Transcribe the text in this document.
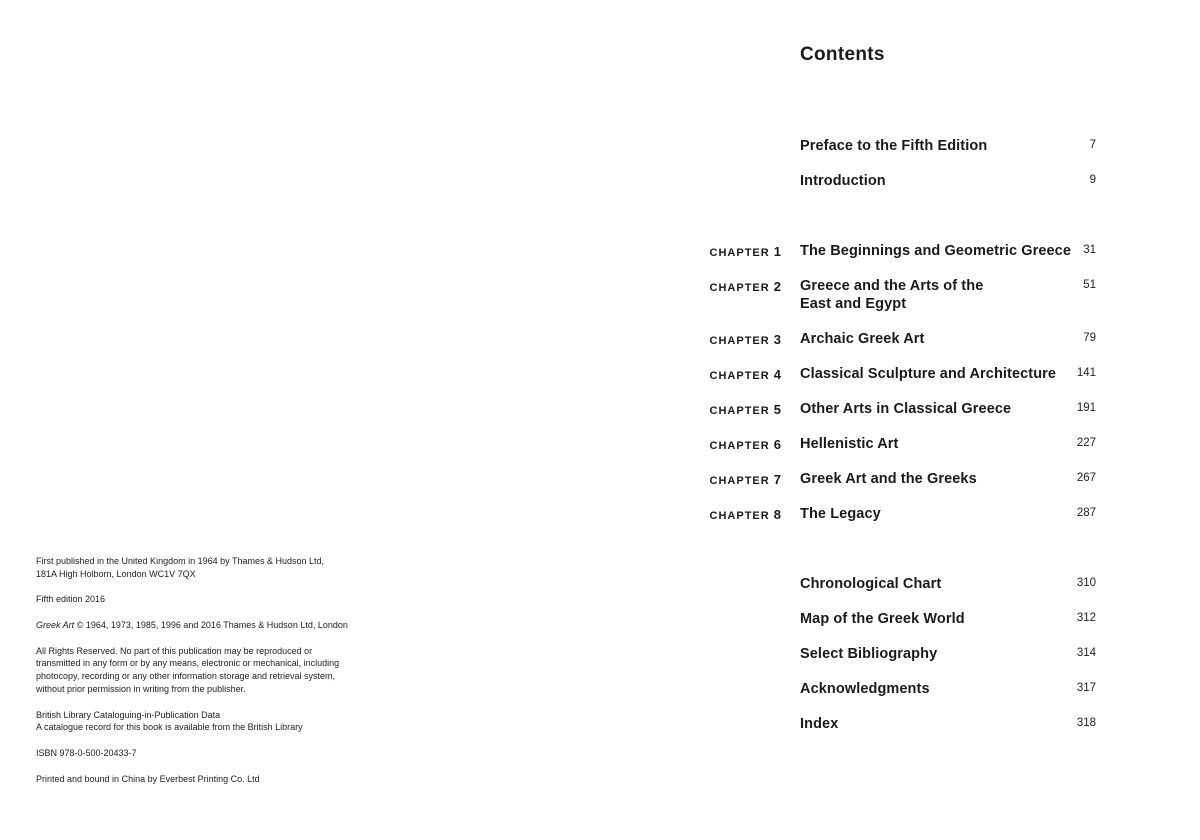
First published in the United Kingdom in 1964 by Thames & Hudson Ltd,
181A High Holborn, London WC1V 7QX

Fifth edition 2016

Greek Art © 1964, 1973, 1985, 1996 and 2016 Thames & Hudson Ltd, London

All Rights Reserved. No part of this publication may be reproduced or
transmitted in any form or by any means, electronic or mechanical, including
photocopy, recording or any other information storage and retrieval system,
without prior permission in writing from the publisher.

British Library Cataloguing-in-Publication Data
A catalogue record for this book is available from the British Library

ISBN 978-0-500-20433-7

Printed and bound in China by Everbest Printing Co. Ltd

Contents
Preface to the Fifth Edition	7
Introduction	9
CHAPTER 1 The Beginnings and Geometric Greece 31
CHAPTER 2 Greece and the Arts of the East and Egypt
51
CHAPTER 3 Archaic Greek Art	79
CHAPTER 4 Classical Sculpture and Architecture 141
CHAPTER 5 Other Arts in Classical Greece	191
CHAPTER 6 Hellenistic Art	227
CHAPTER 7 Greek Art and the Greeks	267
CHAPTER 8 The Legacy	287
Chronological Chart	310
Map of the Greek World	312
Select Bibliography	314
Acknowledgments	317
Index	318
